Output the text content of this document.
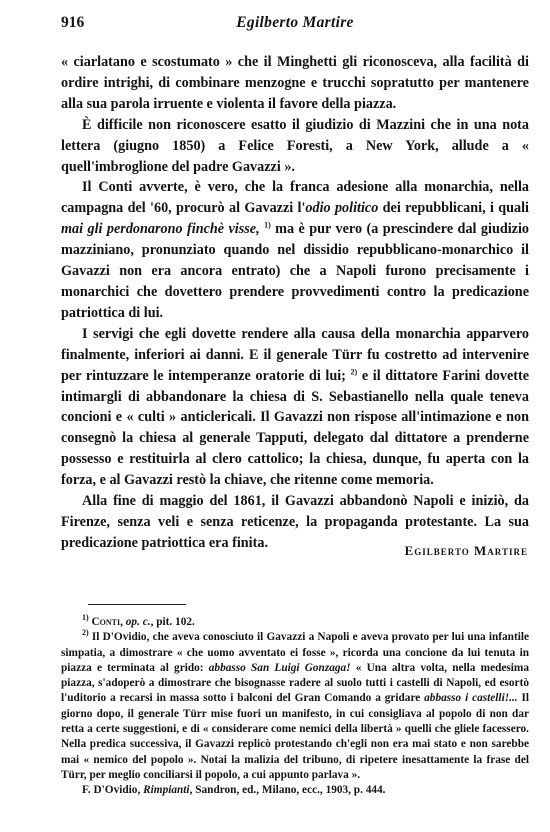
916	Egilberto Martire

« ciarlatano e scostumato » che il Minghetti gli riconosceva, alla facilità di ordire intrighi, di combinare menzogne e trucchi sopratutto per mantenere alla sua parola irruente e violenta il favore della piazza.

È difficile non riconoscere esatto il giudizio di Mazzini che in una nota lettera (giugno 1850) a Felice Foresti, a New York, allude a « quell'imbroglione del padre Gavazzi ».

Il Conti avverte, è vero, che la franca adesione alla monarchia, nella campagna del '60, procurò al Gavazzi l'odio politico dei repubblicani, i quali mai gli perdonarono finchè visse, $^{1)}$ ma è pur vero (a prescindere dal giudizio mazziniano, pronunziato quando nel dissidio repubblicano-monarchico il Gavazzi non era ancora entrato) che a Napoli furono precisamente i monarchici che dovettero prendere provvedimenti contro la predicazione patriottica di lui.

I servigi che egli dovette rendere alla causa della monarchia apparvero finalmente, inferiori ai danni. E il generale Türr fu costretto ad intervenire per rintuzzare le intemperanze oratorie di lui; $^{2)}$ e il dittatore Farini dovette intimargli di abbandonare la chiesa di S. Sebastianello nella quale teneva concioni e « culti » anticlericali. Il Gavazzi non rispose all'intimazione e non consegnò la chiesa al generale Tapputi, delegato dal dittatore a prenderne possesso e restituirla al clero cattolico; la chiesa, dunque, fu aperta con la forza, e al Gavazzi restò la chiave, che ritenne come memoria.

Alla fine di maggio del 1861, il Gavazzi abbandonò Napoli e iniziò, da Firenze, senza veli e senza reticenze, la propaganda protestante. La sua predicazione patriottica era finita.	Egilberto Martire

$^{1)}$ Conti, op. c., pit. 102.

$^{2)}$ Il D'Ovidio, che aveva conosciuto il Gavazzi a Napoli e aveva provato per lui una infantile simpatia, a dimostrare « che uomo avventato ei fosse », ricorda una concione da lui tenuta in piazza e terminata al grido: abbasso San Luigi Gonzaga! « Una altra volta, nella medesima piazza, s'adoperò a dimostrare che bisognasse radere al suolo tutti i castelli di Napoli, ed esortò l'uditorio a recarsi in massa sotto i balconi del Gran Comando a gridare abbasso i castelli!... Il giorno dopo, il generale Türr mise fuori un manifesto, in cui consigliava al popolo di non dar retta a certe suggestioni, e di « considerare come nemici della libertà » quelli che gliele facessero. Nella predica successiva, il Gavazzi replicò protestando ch'egli non era mai stato e non sarebbe mai « nemico del popolo ». Notai la malizia del tribuno, di ripetere inesattamente la frase del Türr, per meglio conciliarsi il popolo, a cui appunto parlava ».

F. D'Ovidio, Rimpianti, Sandron, ed., Milano, ecc., 1903, p. 444.
